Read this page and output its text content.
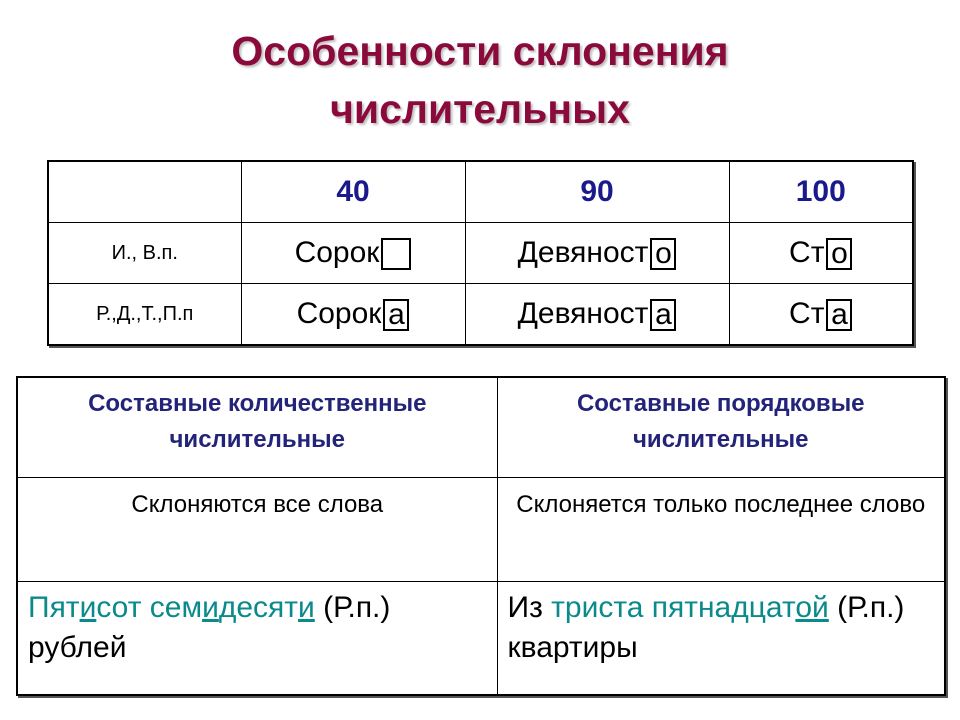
Особенности склонения
числительных
	40	90	100
И., В.п.	Сорок	Девяност о	Ст о
Р.,Д.,Т.,П.п	Сорок а	Девяност а	Ст а
Составные количественные числительные	Составные порядковые числительные
Склоняются все слова	Склоняется только последнее слово
Пятисот семидесяти (Р.п.) рублей	Из триста пятнадцатой (Р.п.) квартиры
